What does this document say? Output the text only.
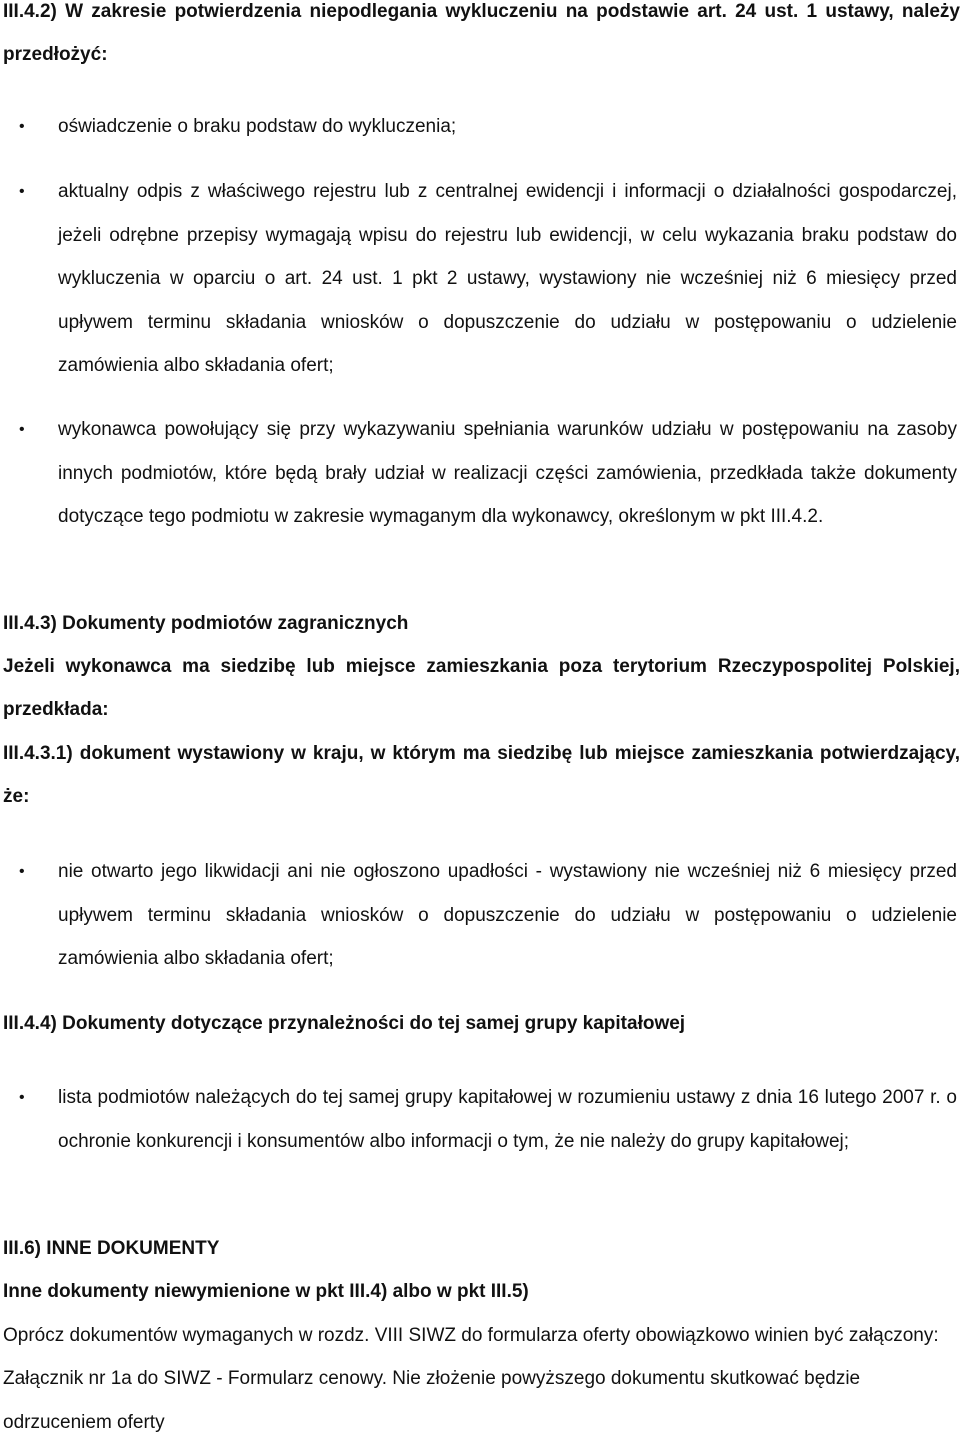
III.4.2) W zakresie potwierdzenia niepodlegania wykluczeniu na podstawie art. 24 ust. 1 ustawy, należy przedłożyć:

• oświadczenie o braku podstaw do wykluczenia;
• aktualny odpis z właściwego rejestru lub z centralnej ewidencji i informacji o działalności gospodarczej, jeżeli odrębne przepisy wymagają wpisu do rejestru lub ewidencji, w celu wykazania braku podstaw do wykluczenia w oparciu o art. 24 ust. 1 pkt 2 ustawy, wystawiony nie wcześniej niż 6 miesięcy przed upływem terminu składania wniosków o dopuszczenie do udziału w postępowaniu o udzielenie zamówienia albo składania ofert;
• wykonawca powołujący się przy wykazywaniu spełniania warunków udziału w postępowaniu na zasoby innych podmiotów, które będą brały udział w realizacji części zamówienia, przedkłada także dokumenty dotyczące tego podmiotu w zakresie wymaganym dla wykonawcy, określonym w pkt III.4.2.

III.4.3) Dokumenty podmiotów zagranicznych

Jeżeli wykonawca ma siedzibę lub miejsce zamieszkania poza terytorium Rzeczypospolitej Polskiej, przedkłada:

III.4.3.1) dokument wystawiony w kraju, w którym ma siedzibę lub miejsce zamieszkania potwierdzający, że:

• nie otwarto jego likwidacji ani nie ogłoszono upadłości - wystawiony nie wcześniej niż 6 miesięcy przed upływem terminu składania wniosków o dopuszczenie do udziału w postępowaniu o udzielenie zamówienia albo składania ofert;

III.4.4) Dokumenty dotyczące przynależności do tej samej grupy kapitałowej

• lista podmiotów należących do tej samej grupy kapitałowej w rozumieniu ustawy z dnia 16 lutego 2007 r. o ochronie konkurencji i konsumentów albo informacji o tym, że nie należy do grupy kapitałowej;

III.6) INNE DOKUMENTY

Inne dokumenty niewymienione w pkt III.4) albo w pkt III.5)

Oprócz dokumentów wymaganych w rozdz. VIII SIWZ do formularza oferty obowiązkowo winien być załączony: Załącznik nr 1a do SIWZ - Formularz cenowy. Nie złożenie powyższego dokumentu skutkować będzie odrzuceniem oferty
